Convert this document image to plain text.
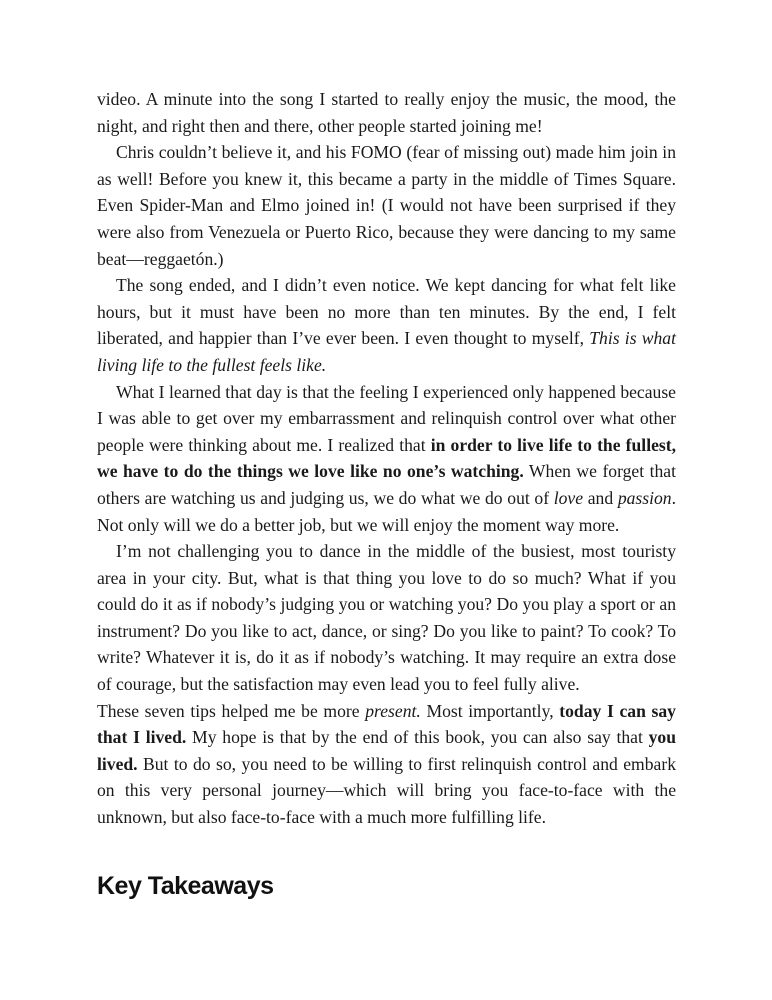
video. A minute into the song I started to really enjoy the music, the mood, the night, and right then and there, other people started joining me!

Chris couldn’t believe it, and his FOMO (fear of missing out) made him join in as well! Before you knew it, this became a party in the middle of Times Square. Even Spider-Man and Elmo joined in! (I would not have been surprised if they were also from Venezuela or Puerto Rico, because they were dancing to my same beat—reggaetón.)

The song ended, and I didn’t even notice. We kept dancing for what felt like hours, but it must have been no more than ten minutes. By the end, I felt liberated, and happier than I’ve ever been. I even thought to myself, This is what living life to the fullest feels like.

What I learned that day is that the feeling I experienced only happened because I was able to get over my embarrassment and relinquish control over what other people were thinking about me. I realized that in order to live life to the fullest, we have to do the things we love like no one’s watching. When we forget that others are watching us and judging us, we do what we do out of love and passion. Not only will we do a better job, but we will enjoy the moment way more.

I’m not challenging you to dance in the middle of the busiest, most touristy area in your city. But, what is that thing you love to do so much? What if you could do it as if nobody’s judging you or watching you? Do you play a sport or an instrument? Do you like to act, dance, or sing? Do you like to paint? To cook? To write? Whatever it is, do it as if nobody’s watching. It may require an extra dose of courage, but the satisfaction may even lead you to feel fully alive.

These seven tips helped me be more present. Most importantly, today I can say that I lived. My hope is that by the end of this book, you can also say that you lived. But to do so, you need to be willing to first relinquish control and embark on this very personal journey—which will bring you face-to-face with the unknown, but also face-to-face with a much more fulfilling life.

Key Takeaways
